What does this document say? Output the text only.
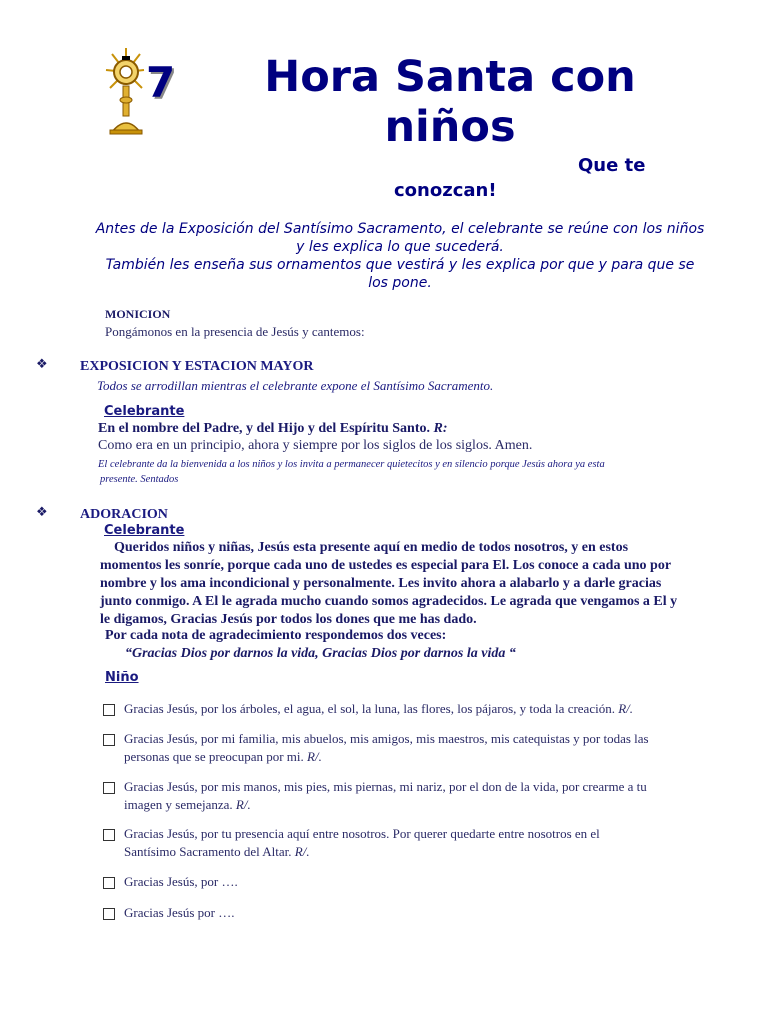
7	Hora Santa con niños
Que te
conozcan!
Antes de la Exposición del Santísimo Sacramento, el celebrante se reúne con los niños
y les explica lo que sucederá.
También les enseña sus ornamentos que vestirá y les explica por que y para que se
los pone.
MONICION
Pongámonos en la presencia de Jesús y cantemos:
❖ EXPOSICION Y ESTACION MAYOR
Todos se arrodillan mientras el celebrante expone el Santísimo Sacramento.
Celebrante
En el nombre del Padre, y del Hijo y del Espíritu Santo. R:
Como era en un principio, ahora y siempre por los siglos de los siglos. Amen.
El celebrante da la bienvenida a los niños y los invita a permanecer quietecitos y en silencio porque Jesús ahora ya esta
presente. Sentados
❖ ADORACION
Celebrante
Queridos niños y niñas, Jesús esta presente aquí en medio de todos nosotros, y en estos
momentos les sonríe, porque cada uno de ustedes es especial para El. Los conoce a cada uno por
nombre y los ama incondicional y personalmente. Les invito ahora a alabarlo y a darle gracias
junto conmigo. A El le agrada mucho cuando somos agradecidos. Le agrada que vengamos a El y
le digamos, Gracias Jesús por todos los dones que me has dado.
Por cada nota de agradecimiento respondemos dos veces:
“Gracias Dios por darnos la vida, Gracias Dios por darnos la vida “
Niño
Gracias Jesús, por los árboles, el agua, el sol, la luna, las flores, los pájaros, y toda la creación. R/.
Gracias Jesús, por mi familia, mis abuelos, mis amigos, mis maestros, mis catequistas y por todas las
personas que se preocupan por mi. R/.
Gracias Jesús, por mis manos, mis pies, mis piernas, mi nariz, por el don de la vida, por crearme a tu
imagen y semejanza. R/.
Gracias Jesús, por tu presencia aquí entre nosotros. Por querer quedarte entre nosotros en el
Santísimo Sacramento del Altar. R/.
Gracias Jesús, por ….
Gracias Jesús por ….
